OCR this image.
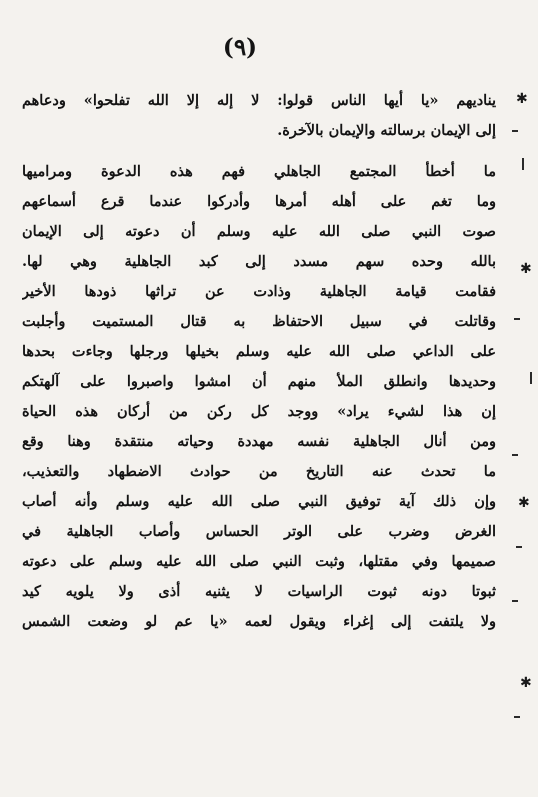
(٩)
يناديهم «يا أيها الناس قولوا: لا إله إلا الله تفلحوا» ودعاهم
إلى الإيمان برسالته والإيمان بالآخرة.
ما أخطأ المجتمع الجاهلي فهم هذه الدعوة ومراميها
وما تغم على أهله أمرها وأدركوا عندما قرع أسماعهم
صوت النبي صلى الله عليه وسلم أن دعوته إلى الإيمان
بالله وحده سهم مسدد إلى كبد الجاهلية وهي لها.
فقامت قيامة الجاهلية وذادت عن تراثها ذودها الأخير
وقاتلت في سبيل الاحتفاظ به قتال المستميت وأجلبت
على الداعي صلى الله عليه وسلم بخيلها ورجلها وجاءت بحدها
وحديدها وانطلق الملأ منهم أن امشوا واصبروا على آلهتكم
إن هذا لشيء يراد» ووجد كل ركن من أركان هذه الحياة
ومن أنال الجاهلية نفسه مهددة وحياته منتقدة وهنا وقع
ما تحدث عنه التاريخ من حوادث الاضطهاد والتعذيب،
وإن ذلك آية توفيق النبي صلى الله عليه وسلم وأنه أصاب
الغرض وضرب على الوتر الحساس وأصاب الجاهلية في
صميمها وفي مقتلها، وثبت النبي صلى الله عليه وسلم على دعوته
ثبوتا دونه ثبوت الراسيات لا يثنيه أذى ولا يلويه كيد
ولا يلتفت إلى إغراء ويقول لعمه «يا عم لو وضعت الشمس
✱
✱
✱
✱
